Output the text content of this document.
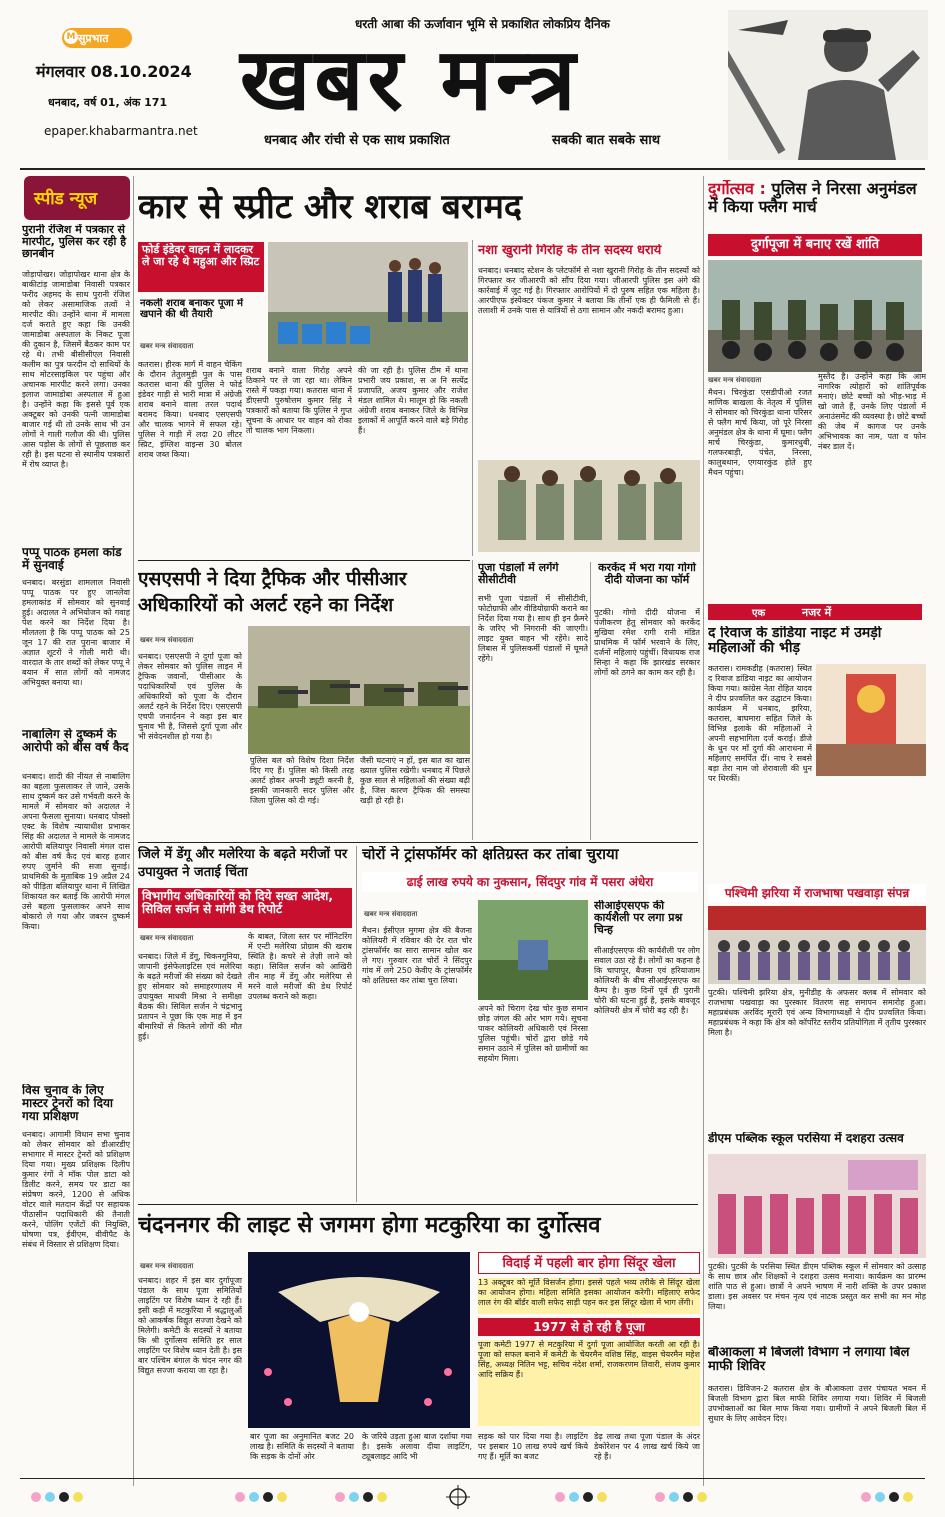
सुप्रभात
M
मंगलवार 08.10.2024
धनबाद, वर्ष 01, अंक 171
epaper.khabarmantra.net
धरती आबा की ऊर्जावान भूमि से प्रकाशित लोकप्रिय दैनिक
खबर मन्त्र
धनबाद और रांची से एक साथ प्रकाशित	सबकी बात सबके साथ
स्पीड न्यूज
पुरानी रंजिश में पत्रकार से मारपीट, पुलिस कर रही है छानबीन
जोड़ापोखर। जोड़ापोखर थाना क्षेत्र के बाकीटांड़ जामाडोबा निवासी पत्रकार फरीद अहमद के साथ पुरानी रंजिश को लेकर असामाजिक तत्वों ने मारपीट की। उन्होंने थाना में मामला दर्ज कराते हुए कहा कि उनकी जामाडोबा अस्पताल के निकट पूजा की दुकान है, जिसमें बैठकर काम पर रहे थे। तभी बीसीसीएल निवासी कलीम का पुत्र फरदीन दो साथियों के साथ मोटरसाइकिल पर पहुंचा और अचानक मारपीट करने लगा। उनका इलाज जामाडोबा अस्पताल में हुआ है। उन्होंने कहा कि इससे पूर्व एक अक्टूबर को उनकी पत्नी जामाडोबा बाजार गई थी तो उनके साथ भी उन लोगों ने गाली गलौज की थी। पुलिस आस पड़ोस के लोगों से पूछताछ कर रही है। इस घटना से स्थानीय पत्रकारों में रोष व्याप्त है।
पप्पू पाठक हमला कांड में सुनवाई
धनबाद। बरसुंडा शामलाल निवासी पप्पू पाठक पर हुए जानलेवा हमलाकांड में सोमवार को सुनवाई हुई। अदालत ने अभियोजन को गवाह पेश करने का निर्देश दिया है। मौलतला है कि पप्पू पाठक को 25 जून 17 की रात पुराना बाजार में अज्ञात शूटरों ने गोली मारी थी। वारदात के तार शब्दों को लेकर पप्पू ने बयान में सात लोगों को नामजद अभियुक्त बनाया था।
नाबालिग से दुष्कर्म के आरोपी को बीस वर्ष कैद
धनबाद। शादी की नीयत से नाबालिग का बहला फुसलाकर ले जाने, उसके साथ दुष्कर्म कर उसे गर्भवती करने के मामले में सोमवार को अदालत ने अपना फैसला सुनाया। धनबाद पोक्सो एक्ट के विशेष न्यायाधीश प्रभाकर सिंह की अदालत ने मामले के नामजद आरोपी बलियापुर निवासी मंगल दास को बीस वर्ष कैद एवं बारह हजार रुपए जुर्माने की सजा सुनाई। प्राथमिकी के मुताबिक 19 अप्रैल 24 को पीड़िता बलियापुर थाना में लिखित शिकायत कर बताई कि आरोपी मंगल उसे बहला फुसलाकर अपने साथ बोकारो ले गया और जबरन दुष्कर्म किया।
विस चुनाव के लिए मास्टर ट्रेनरों को दिया गया प्रशिक्षण
धनबाद। आगामी विधान सभा चुनाव को लेकर सोमवार को डीआरडीए सभागार में मास्टर ट्रेनरों को प्रशिक्षण दिया गया। मुख्य प्रशिक्षक दिलीप कुमार रंगों ने मॉक पोल डाटा को डिलीट करने, समय पर डाटा का संप्रेषण करने, 1200 से अधिक वोटर वाले मतदान केंद्रों पर सहायक पीठासीन पदाधिकारी की तैनाती करने, पोलिंग एजेंटों की नियुक्ति, घोषणा पत्र, ईवीएम, वीवीपैट के संबंध में विस्तार से प्रशिक्षण दिया।
कार से स्प्रीट और शराब बरामद
फोर्ड इंडेवर वाहन में लादकर ले जा रहे थे महुआ और स्प्रिट
नकली शराब बनाकर पूजा में खपाने की थी तैयारी
खबर मन्त्र संवाददाता
कतरास। हीरक मार्ग में वाहन चेकिंग के दौरान तेतुलमुड़ी पुल के पास कतरास थाना की पुलिस ने फोर्ड इंडेवर गाड़ी से भारी मात्रा में अंग्रेजी शराब बनाने वाला तरल पदार्थ बरामद किया। धनबाद एसएसपी और चालक भागने में सफल रहे। पुलिस ने गाड़ी में लदा 20 लीटर स्प्रिट, इंग्लिश वाइन्स 30 बोतल शराब जब्त किया।
शराब बनाने वाला गिरोह अपने ठिकाने पर ले जा रहा था। लेकिन रास्ते में पकड़ा गया। कतरास थाना में डीएसपी पुरुषोत्तम कुमार सिंह ने पत्रकारों को बताया कि पुलिस ने गुप्त सूचना के आधार पर वाहन को रोका तो चालक भाग निकला।
की जा रही है। पुलिस टीम में थाना प्रभारी जय प्रकाश, स अ नि सत्येंद्र प्रजापति, अजय कुमार और राजेश मंडल शामिल थे। मालूम हो कि नकली अंग्रेजी शराब बनाकर जिले के विभिन्न इलाकों में आपूर्ति करने वाले बड़े गिरोह हैं।
नशा खुरानी गिरोह के तीन सदस्य धराये
धनबाद। धनबाद स्टेशन के प्लेटफॉर्म से नशा खुरानी गिरोह के तीन सदस्यों को गिरफ्तार कर जीआरपी को सौंप दिया गया। जीआरपी पुलिस इस अंगे की कार्रवाई में जुट गई है। गिरफ्तार आरोपियों में दो पुरुष सहित एक महिला है। आरपीएफ इंस्पेक्टर पंकज कुमार ने बताया कि तीनों एक ही फैमिली से हैं। तलाशी में उनके पास से यात्रियों से ठगा सामान और नकदी बरामद हुआ।
दुर्गोत्सव : पुलिस ने निरसा अनुमंडल में किया फ्लैग मार्च
दुर्गापूजा में बनाए रखें शांति
खबर मन्त्र संवाददाता
मैथन। चिरकुंडा एसडीपीओ रजत माणिक बाखला के नेतृत्व में पुलिस ने सोमवार को चिरकुंडा थाना परिसर से फ्लैग मार्च किया, जो पूरे निरसा अनुमंडल क्षेत्र के थाना में घूमा। फ्लैग मार्च चिरकुंडा, कुमारधुबी, गलफरबाड़ी, पंचेत, निरसा, कालुबथान, एगयारकुंड होते हुए मैथन पहुंचा।
मुस्तैद है। उन्होंने कहा कि आम नागरिक त्योहारों को शांतिपूर्वक मनाएं। छोटे बच्चों को भीड़-भाड़ में खो जाते हैं, उनके लिए पंडालों में अनाउंसमेंट की व्यवस्था है। छोटे बच्चों की जेब में कागज पर उनके अभिभावक का नाम, पता व फोन नंबर डाल दें।
एसएसपी ने दिया ट्रैफिक और पीसीआर अधिकारियों को अलर्ट रहने का निर्देश
खबर मन्त्र संवाददाता
धनबाद। एसएसपी ने दुर्गा पूजा को लेकर सोमवार को पुलिस लाइन में ट्रैफिक जवानों, पीसीआर के पदाधिकारियों एवं पुलिस के अधिकारियों को पूजा के दौरान अलर्ट रहने के निर्देश दिए। एसएसपी एचपी जनार्दनन ने कहा इस बार चुनाव भी है, जिससे दुर्गा पूजा और भी संवेदनशील हो गया है।
पुलिस बल को विशेष दिशा निर्देश दिए गए हैं। पुलिस को किसी तरह अलर्ट होकर अपनी ड्यूटी करनी है, इसकी जानकारी सदर पुलिस और जिला पुलिस को दी गई।
जैसी घटनाएं न हों, इस बात का खास ख्याल पुलिस रखेगी। धनबाद में पिछले कुछ साल से महिलाओं की संख्या बढ़ी है, जिस कारण ट्रैफिक की समस्या खड़ी हो रही है।
पूजा पंडालों में लगेंगे सीसीटीवी
सभी पूजा पंडालों में सीसीटीवी, फोटोग्राफी और वीडियोग्राफी कराने का निर्देश दिया गया है। साथ ही इन फ्रैमरे के जरिए भी निगरानी की जाएगी। लाइट युक्त वाहन भी रहेंगे। सादे लिबास में पुलिसकर्मी पंडालों में घूमते रहेंगे।
करकेंद में भरा गया गोगो दीदी योजना का फॉर्म
पुटकी। गोगो दीदी योजना में पंजीकरण हेतु सोमवार को करकेंद मुखिया रमेश रागी रानी मंडित प्राथमिक में फॉर्म भरवाने के लिए, दर्जनों महिलाएं पहुंचीं। विधायक राज सिन्हा ने कहा कि झारखंड सरकार लोगों को ठगने का काम कर रही है।
एक	नजर में
द रिवाज के डांडिया नाइट में उमड़ी महिलाओं की भीड़
कतरास। रामकडीह (कतरास) स्थित द रिवाज डांडिया नाइट का आयोजन किया गया। कांग्रेस नेता रोहित यादव ने दीप प्रज्वलित कर उद्घाटन किया। कार्यक्रम में धनबाद, झरिया, कतरास, बाघमारा सहित जिले के विभिन्न इलाके की महिलाओं ने अपनी सहभागिता दर्ज कराई। डीजे के धुन पर माँ दुर्गा की आराधना में महिलाएं समर्पित दीं। नाच रे सबसे बड़ा तेरा नाम जो शेरावाली की धुन पर थिरकीं।
जिले में डेंगू और मलेरिया के बढ़ते मरीजों पर उपायुक्त ने जताई चिंता
विभागीय अधिकारियों को दिये सख्त आदेश, सिविल सर्जन से मांगी डेथ रिपोर्ट
खबर मन्त्र संवाददाता
धनबाद। जिले में डेंगू, चिकनगुनिया, जापानी इंसेफेलाइटिस एवं मलेरिया के बढ़ते मरीजों की संख्या को देखते हुए सोमवार को समाहरणालय में उपायुक्त माधवी मिश्रा ने समीक्षा बैठक की। सिविल सर्जन ने चंद्रभानु प्रतापन ने पूछा कि एक माह में इन बीमारियों से कितने लोगों की मौत हुई।
के बाबत, जिला स्तर पर मॉनिटरिंग में एन्टी मलेरिया प्रोग्राम की खराब स्थिति है। कचरे से तेज़ी लाने को कहा। सिविल सर्जन को आखिरी तीन माह में डेंगू और मलेरिया से मरने वाले मरीजों की डेथ रिपोर्ट उपलब्ध कराने को कहा।
चोरों ने ट्रांसफॉर्मर को क्षतिग्रस्त कर तांबा चुराया
ढाई लाख रुपये का नुकसान, सिंदपुर गांव में पसरा अंधेरा
खबर मन्त्र संवाददाता
मैथन। ईसीएल मुगमा क्षेत्र की बैजना कोलियरी में रविवार की देर रात चोर ट्रांसफॉर्मर का सारा सामान खोल कर ले गए। गुरुवार रात चोरों ने सिंदपुर गांव में लगे 250 केवीए के ट्रांसफॉर्मर को क्षतिग्रस्त कर तांबा चुरा लिया।
अपने को चिराग देख चोर कुछ समान छोड़ जंगल की ओर भाग गये। सूचना पाकर कोलियरी अधिकारी एवं निरसा पुलिस पहुंची। चोरों द्वारा छोड़े गये समान उठाने में पुलिस को ग्रामीणों का सहयोग मिला।
सीआईएसएफ की कार्यशैली पर लगा प्रश्न चिन्ह
सीआईएसएफ की कार्यशैली पर लोग सवाल उठा रहे हैं। लोगों का कहना है कि चापापुर, बैजना एवं हरियाजाम कोलियरी के बीच सीआईएसएफ का कैम्प है। कुछ दिनों पूर्व ही पुरानी चोरी की घटना हुई है, इसके बावजूद कोलियरी क्षेत्र में चोरी बढ़ रही है।
पश्चिमी झरिया में राजभाषा पखवाड़ा संपन्न
पुटकी। पश्चिमी झरिया क्षेत्र, मुनीडीह के अफसर क्लब में सोमवार को राजभाषा पखवाड़ा का पुरस्कार वितरण सह समापन समारोह हुआ। महाप्रबंधक अरविंद मूरारी एवं अन्य विभागाध्यक्षों ने दीप प्रज्वलित किया। महाप्रबंधक ने कहा कि क्षेत्र को कॉर्पोरेट स्तरीय प्रतियोगिता में तृतीय पुरस्कार मिला है।
डीएम पब्लिक स्कूल परसिया में दशहरा उत्सव
पुटकी। पुटकी के परसिया स्थित डीएम पब्लिक स्कूल में सोमवार को उत्साह के साथ छात्र और शिक्षकों ने दशहरा उत्सव मनाया। कार्यक्रम का प्रारम्भ शांति पाठ से हुआ। छात्रों ने अपने भाषण में नारी शक्ति के उपर प्रकाश डाला। इस अवसर पर मंचन नृत्य एवं नाटक प्रस्तुत कर सभी का मन मोह लिया।
बौआकला में बिजली विभाग ने लगाया बिल माफी शिविर
कतरास। डिविजन-2 कतरास क्षेत्र के बौआकला उत्तर पंचायत भवन में बिजली विभाग द्वारा बिल माफी शिविर लगाया गया। शिविर में बिजली उपभोक्ताओं का बिल माफ किया गया। ग्रामीणों ने अपने बिजली बिल में सुधार के लिए आवेदन दिए।
चंदननगर की लाइट से जगमग होगा मटकुरिया का दुर्गोत्सव
खबर मन्त्र संवाददाता
धनबाद। शहर में इस बार दुर्गापूजा पंडाल के साथ पूजा समितियों लाइटिंग पर विशेष ध्यान दे रही हैं। इसी कड़ी में मटकुरिया में श्रद्धालुओं को आकर्षक विद्युत सज्जा देखने को मिलेगी। कमेटी के सदस्यों ने बताया कि श्री दुर्गोत्सव समिति हर साल लाइटिंग पर विशेष ध्यान देती है। इस बार पश्चिम बंगाल के चंदन नगर की विद्युत सज्जा कराया जा रहा है।
बार पूजा का अनुमानित बजट 20 लाख है। समिति के सदस्यों ने बताया कि सड़क के दोनों ओर
के जरिये उड़ता हुआ बाज दर्शाया गया है। इसके अलावा दीया लाइटिंग, ट्यूबलाइट आदि भी
विदाई में पहली बार होगा सिंदूर खेला
13 अक्टूबर को मूर्ति विसर्जन होगा। इससे पहले भव्य तरीके से सिंदूर खेला का आयोजन होगा। महिला समिति इसका आयोजन करेगी। महिलाएं सफेद लाल रंग की बॉर्डर वाली सफेद साड़ी पहन कर इस सिंदूर खेला में भाग लेंगी।
1977 से हो रही है पूजा
पूजा कमेटी 1977 से मटकुरिया में दुर्गा पूजा आयोजित करती आ रही है। पूजा को सफल बनाने में कमेटी के चेयरमैन वशिष्ठ सिंह, वाइस चेयरमैन महेश सिंह, अध्यक्ष नितिन भट्ट, सचिव नंदेश शर्मा, राजकरणम तिवारी, संजय कुमार आदि सक्रिय हैं।
सड़क को पार दिया गया है। लाइटिंग पर इसबार 10 लाख रुपये खर्च किये गए हैं। मूर्ति का बजट
डेढ़ लाख तथा पूजा पंडाल के अंदर डेकोरेशन पर 4 लाख खर्च किये जा रहे हैं।
